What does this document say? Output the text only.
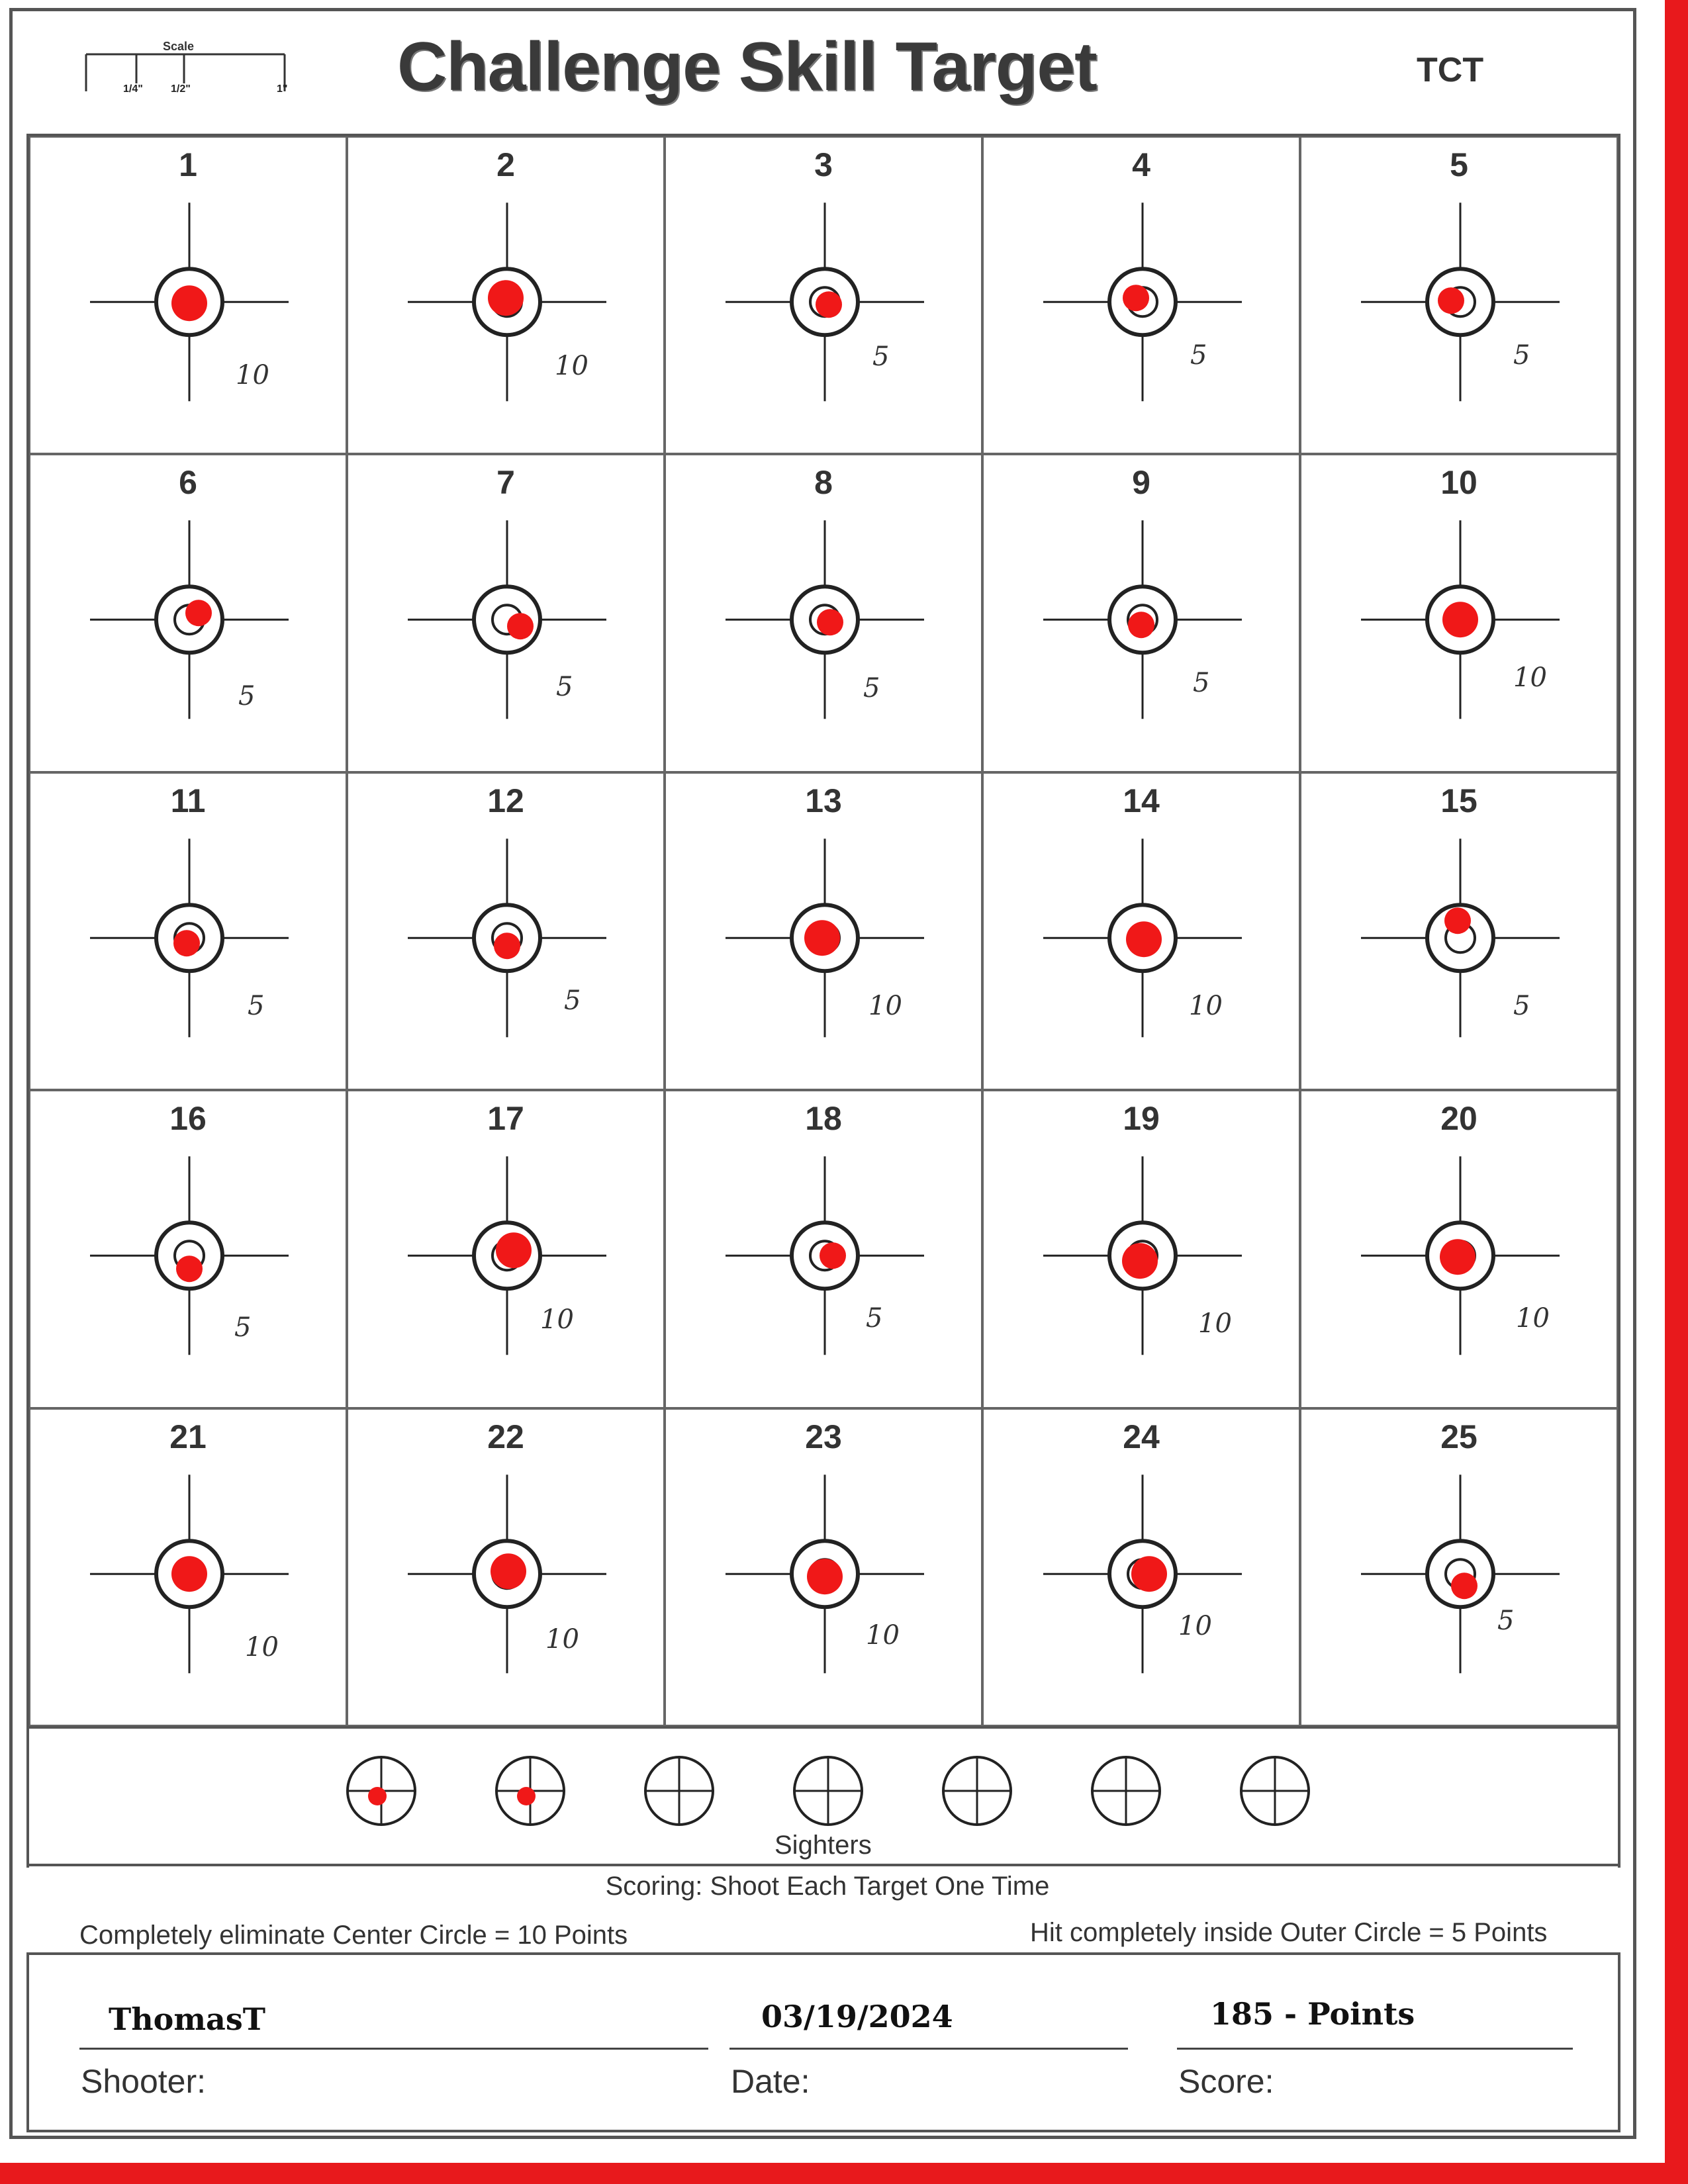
Scale
1/4"	1/2"	1" Challenge Skill Target	TCT
1
10
2
10
3
5
4
5
5
5
6
5
7
5
8
5
9
5
10
10
11
5
12
5
13
10
14
10
15
5
16
5
17
10
18
5
19
10
20
10
21
10
22
10
23
10
24
10
25
5
Sighters
Scoring: Shoot Each Target One Time
Completely eliminate Center Circle = 10 Points	Hit completely inside Outer Circle = 5 Points
ThomasT
Shooter:
03/19/2024
Date:
185 - Points
Score:
